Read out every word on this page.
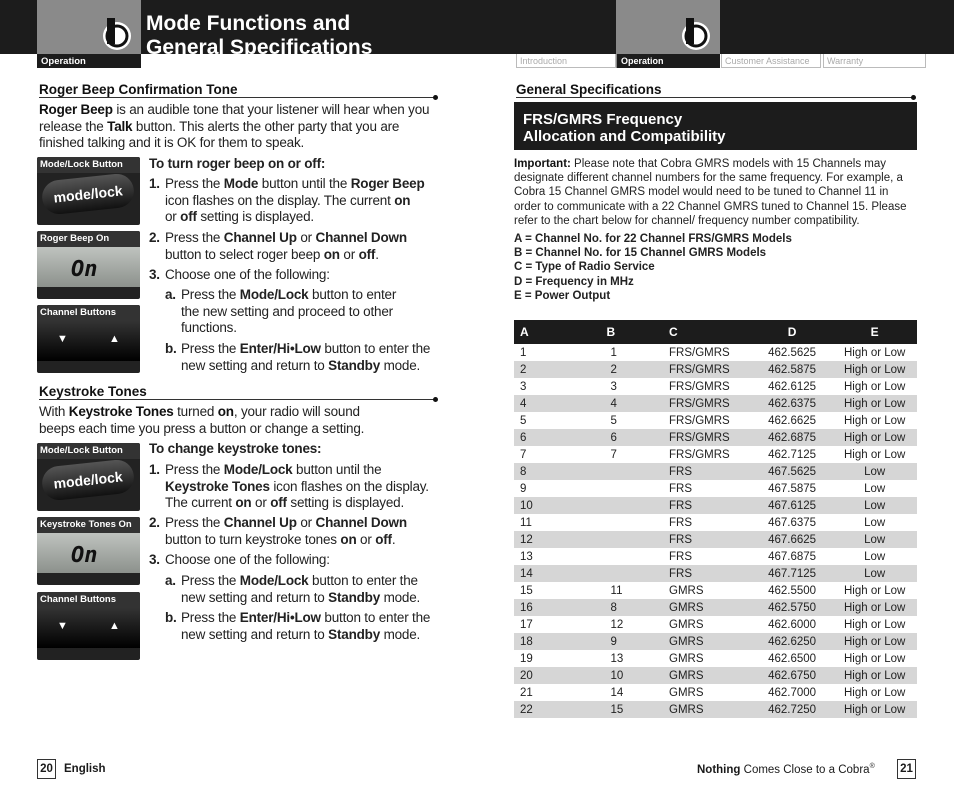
Operation
Mode Functions and
General Specifications
Introduction	Operation	Customer Assistance	Warranty
Roger Beep Confirmation Tone
Roger Beep is an audible tone that your listener will hear when you
release the Talk button. This alerts the other party that you are
finished talking and it is OK for them to speak.
Mode/Lock Button
mode/lock
Roger Beep On
On
Channel Buttons
▼	▲
To turn roger beep on or off:
1. Press the Mode button until the Roger Beep
icon flashes on the display. The current on
or off setting is displayed.
2. Press the Channel Up or Channel Down
button to select roger beep on or off.
3. Choose one of the following:
a. Press the Mode/Lock button to enter
the new setting and proceed to other
functions.
b. Press the Enter/Hi•Low button to enter the
new setting and return to Standby mode.
Keystroke Tones
With Keystroke Tones turned on, your radio will sound
beeps each time you press a button or change a setting.
Mode/Lock Button
mode/lock
Keystroke Tones On
On
Channel Buttons
▼	▲
To change keystroke tones:
1. Press the Mode/Lock button until the
Keystroke Tones icon flashes on the display.
The current on or off setting is displayed.
2. Press the Channel Up or Channel Down
button to turn keystroke tones on or off.
3. Choose one of the following:
a. Press the Mode/Lock button to enter the
new setting and return to Standby mode.
b. Press the Enter/Hi•Low button to enter the
new setting and return to Standby mode.
General Specifications
FRS/GMRS Frequency
Allocation and Compatibility
Important: Please note that Cobra GMRS models with 15 Channels may designate different channel numbers for the same frequency. For example, a Cobra 15 Channel GMRS model would need to be tuned to Channel 11 in order to communicate with a 22 Channel GMRS tuned to Channel 15. Please refer to the chart below for channel/ frequency number compatibility.
A = Channel No. for 22 Channel FRS/GMRS Models
B = Channel No. for 15 Channel GMRS Models
C = Type of Radio Service
D = Frequency in MHz
E = Power Output
A	B	C	D	E
1	1	FRS/GMRS	462.5625	High or Low
2	2	FRS/GMRS	462.5875	High or Low
3	3	FRS/GMRS	462.6125	High or Low
4	4	FRS/GMRS	462.6375	High or Low
5	5	FRS/GMRS	462.6625	High or Low
6	6	FRS/GMRS	462.6875	High or Low
7	7	FRS/GMRS	462.7125	High or Low
8		FRS	467.5625	Low
9		FRS	467.5875	Low
10		FRS	467.6125	Low
11		FRS	467.6375	Low
12		FRS	467.6625	Low
13		FRS	467.6875	Low
14		FRS	467.7125	Low
15	11	GMRS	462.5500	High or Low
16	8	GMRS	462.5750	High or Low
17	12	GMRS	462.6000	High or Low
18	9	GMRS	462.6250	High or Low
19	13	GMRS	462.6500	High or Low
20	10	GMRS	462.6750	High or Low
21	14	GMRS	462.7000	High or Low
22	15	GMRS	462.7250	High or Low
20 English	Nothing Comes Close to a Cobra® 21
